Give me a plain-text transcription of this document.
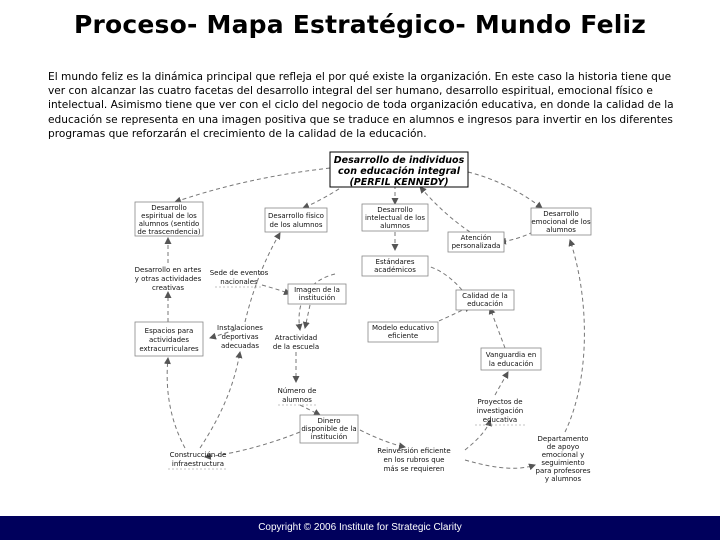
Proceso- Mapa Estratégico- Mundo Feliz
El mundo feliz es la dinámica principal que refleja el por qué existe la organización. En este caso la historia tiene que ver con alcanzar las cuatro facetas del desarrollo integral del ser humano, desarrollo espiritual, emocional físico e intelectual. Asimismo tiene que ver con el ciclo del negocio de toda organización educativa, en donde la calidad de la educación se representa en una imagen positiva que se traduce en alumnos e ingresos para invertir en los diferentes programas que reforzarán el crecimiento de la calidad de la educación.
Desarrollo de individuos
con educación integral
(PERFIL KENNEDY)
Desarrollo
espiritual de los
alumnos (sentido
de trascendencia)
Desarrollo físico
de los alumnos
Desarrollo
intelectual de los
alumnos
Desarrollo
emocional de los
alumnos
Atención
personalizada
Estándares
académicos
Imagen de la
institución	Calidad de la
educación
Espacios para
actividades
extracurriculares
Modelo educativo
eficiente
Vanguardia en
la educación
Dinero
disponible de la
institución
Desarrollo en artes
y otras actividades
creativas
Sede de eventos
nacionales
Instalaciones
deportivas
adecuadas
Atractividad
de la escuela
Número de
alumnos	Proyectos de
investigación
educativa
Construcción de
infraestructura
Reinversión eficiente
en los rubros que
más se requieren
Departamento
de apoyo
emocional y
seguimiento
para profesores
y alumnos
Copyright © 2006 Institute for Strategic Clarity
